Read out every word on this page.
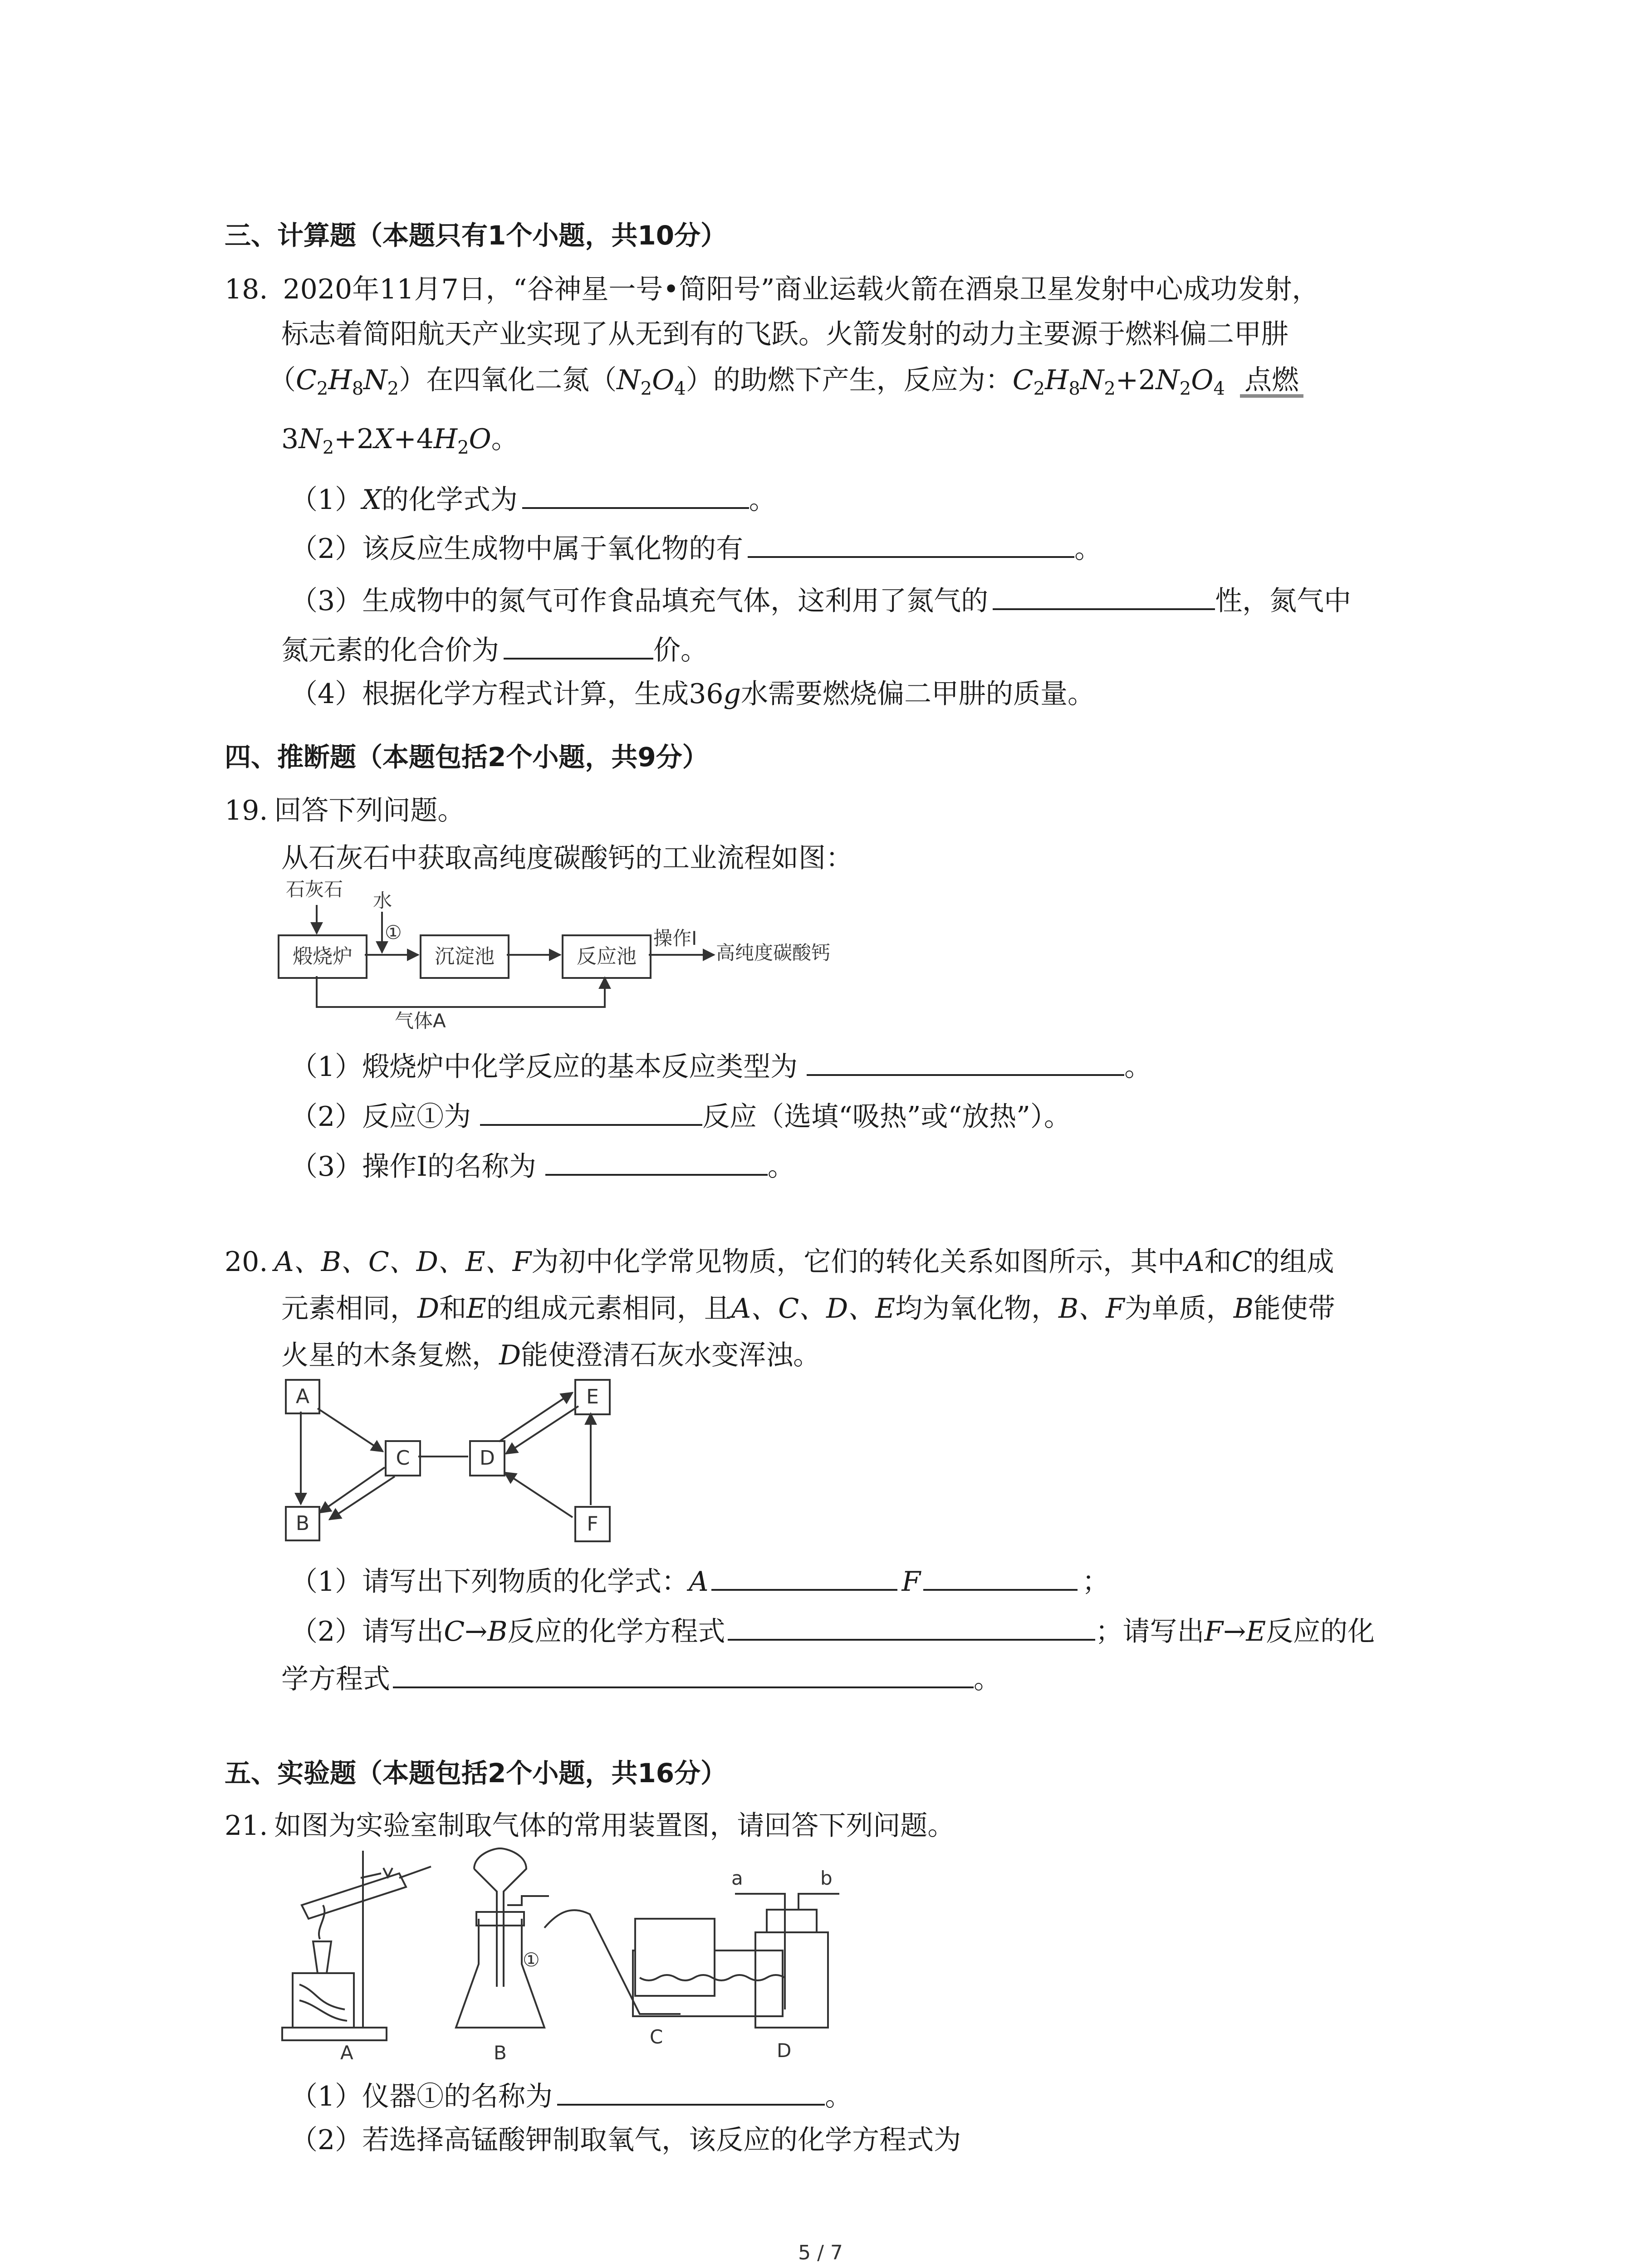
三、计算题（本题只有1个小题，共10分）
18. 2020年11月7日，“谷神星一号•简阳号”商业运载火箭在酒泉卫星发射中心成功发射，
标志着简阳航天产业实现了从无到有的飞跃。火箭发射的动力主要源于燃料偏二甲肼
$(C_2H_8N_2)$在四氧化二氮$(N_2O_4)$的助燃下产生，反应为：$C_2H_8N_2+2N_2O_4$ 点燃
$3N_2+2X+4H_2O$。
（1）X的化学式为	。
（2）该反应生成物中属于氧化物的有	。
（3）生成物中的氮气可作食品填充气体，这利用了氮气的	性，氮气中
氮元素的化合价为	价。
（4）根据化学方程式计算，生成36g水需要燃烧偏二甲肼的质量。
四、推断题（本题包括2个小题，共9分）
19. 回答下列问题。
从石灰石中获取高纯度碳酸钙的工业流程如图：
石灰石
水
①
煅烧炉	沉淀池	反应池
操作I
高纯度碳酸钙
气体A
（1）煅烧炉中化学反应的基本反应类型为	。
（2）反应①为	反应（选填“吸热”或“放热”）。
（3）操作Ⅰ的名称为	。
20. A、B、C、D、E、F为初中化学常见物质，它们的转化关系如图所示，其中A和C的组成
元素相同，D和E的组成元素相同，且A、C、D、E均为氧化物，B、F为单质，B能使带
火星的木条复燃，D能使澄清石灰水变浑浊。
A
B
C	D
E
F
（1）请写出下列物质的化学式：A	F	；
（2）请写出C→B反应的化学方程式	；请写出F→E反应的化
学方程式	。
五、实验题（本题包括2个小题，共16分）
21. 如图为实验室制取气体的常用装置图，请回答下列问题。
A	B
C
D
a	b
①
（1）仪器①的名称为	。
（2）若选择高锰酸钾制取氧气，该反应的化学方程式为
5 / 7
